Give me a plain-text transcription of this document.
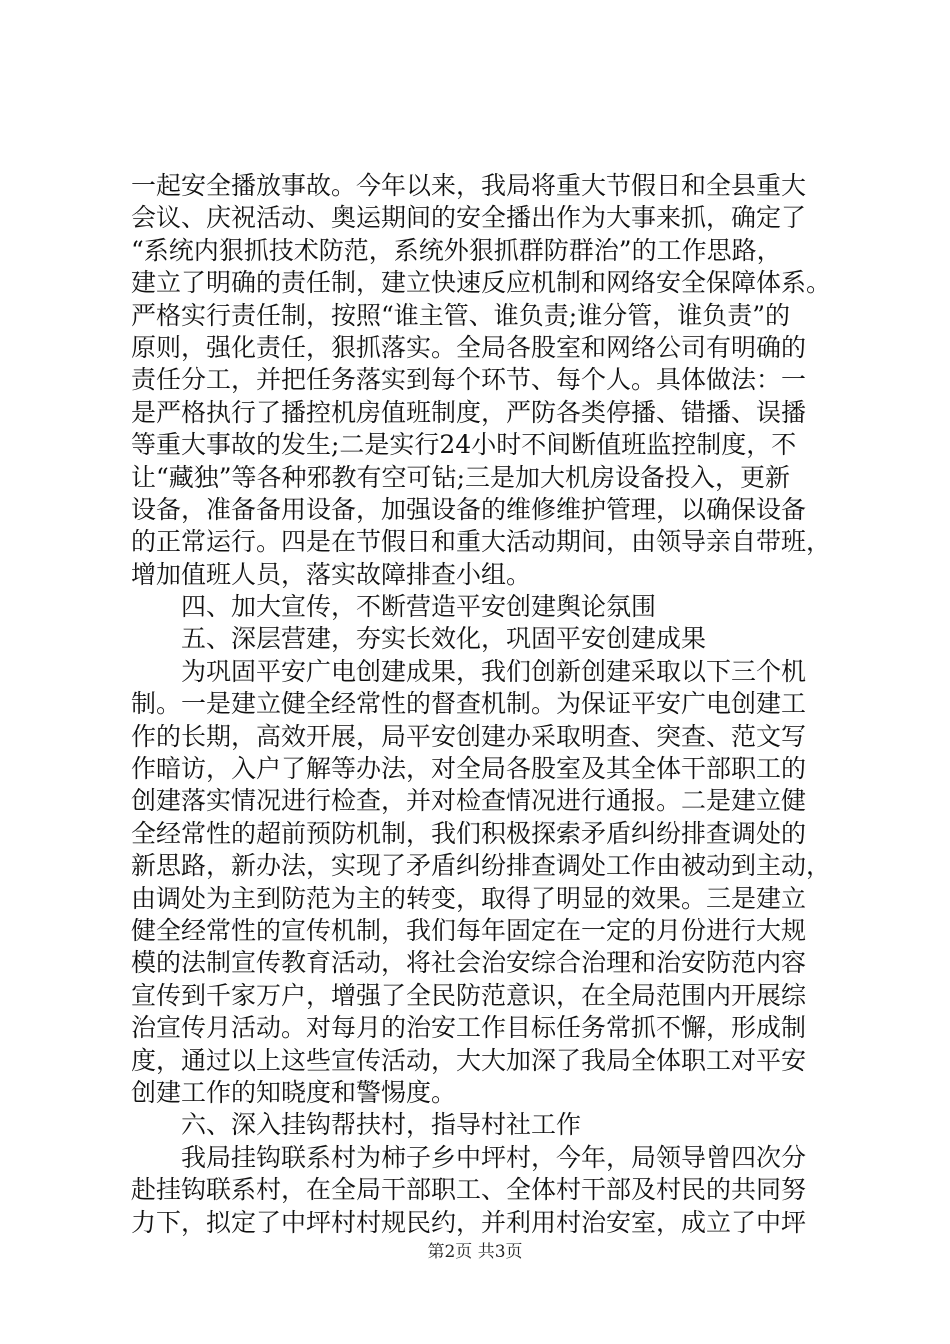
一起安全播放事故。今年以来，我局将重大节假日和全县重大
会议、庆祝活动、奥运期间的安全播出作为大事来抓，确定了
“系统内狠抓技术防范，系统外狠抓群防群治”的工作思路，
建立了明确的责任制，建立快速反应机制和网络安全保障体系。
严格实行责任制，按照“谁主管、谁负责;谁分管，谁负责”的
原则，强化责任，狠抓落实。全局各股室和网络公司有明确的
责任分工，并把任务落实到每个环节、每个人。具体做法：一
是严格执行了播控机房值班制度，严防各类停播、错播、误播
等重大事故的发生;二是实行24小时不间断值班监控制度，不
让“藏独”等各种邪教有空可钻;三是加大机房设备投入，更新
设备，准备备用设备，加强设备的维修维护管理，以确保设备
的正常运行。四是在节假日和重大活动期间，由领导亲自带班，
增加值班人员，落实故障排查小组。
四、加大宣传，不断营造平安创建舆论氛围
五、深层营建，夯实长效化，巩固平安创建成果
为巩固平安广电创建成果，我们创新创建采取以下三个机
制。一是建立健全经常性的督查机制。为保证平安广电创建工
作的长期，高效开展，局平安创建办采取明查、突查、范文写
作暗访，入户了解等办法，对全局各股室及其全体干部职工的
创建落实情况进行检查，并对检查情况进行通报。二是建立健
全经常性的超前预防机制，我们积极探索矛盾纠纷排查调处的
新思路，新办法，实现了矛盾纠纷排查调处工作由被动到主动，
由调处为主到防范为主的转变，取得了明显的效果。三是建立
健全经常性的宣传机制，我们每年固定在一定的月份进行大规
模的法制宣传教育活动，将社会治安综合治理和治安防范内容
宣传到千家万户，增强了全民防范意识，在全局范围内开展综
治宣传月活动。对每月的治安工作目标任务常抓不懈，形成制
度，通过以上这些宣传活动，大大加深了我局全体职工对平安
创建工作的知晓度和警惕度。
六、深入挂钩帮扶村，指导村社工作
我局挂钩联系村为柿子乡中坪村，今年，局领导曾四次分
赴挂钩联系村，在全局干部职工、全体村干部及村民的共同努
力下，拟定了中坪村村规民约，并利用村治安室，成立了中坪
第2页 共3页
